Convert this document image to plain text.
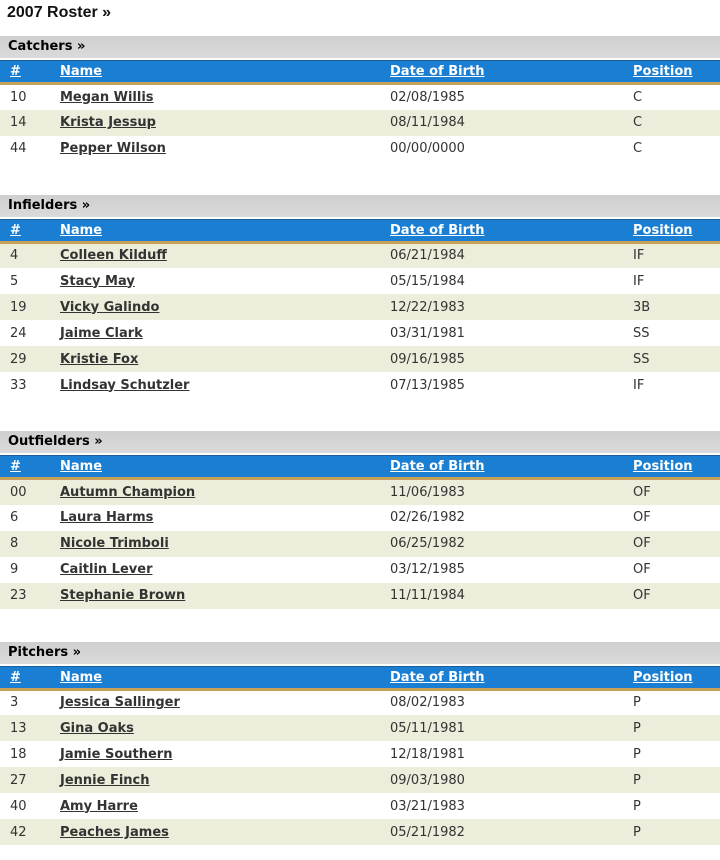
2007 Roster »
Catchers »
#	Name	Date of Birth	Position
10	Megan Willis	02/08/1985	C
14	Krista Jessup	08/11/1984	C
44	Pepper Wilson	00/00/0000	C
Infielders »
#	Name	Date of Birth	Position
4	Colleen Kilduff	06/21/1984	IF
5	Stacy May	05/15/1984	IF
19	Vicky Galindo	12/22/1983	3B
24	Jaime Clark	03/31/1981	SS
29	Kristie Fox	09/16/1985	SS
33	Lindsay Schutzler	07/13/1985	IF
Outfielders »
#	Name	Date of Birth	Position
00	Autumn Champion	11/06/1983	OF
6	Laura Harms	02/26/1982	OF
8	Nicole Trimboli	06/25/1982	OF
9	Caitlin Lever	03/12/1985	OF
23	Stephanie Brown	11/11/1984	OF
Pitchers »
#	Name	Date of Birth	Position
3	Jessica Sallinger	08/02/1983	P
13	Gina Oaks	05/11/1981	P
18	Jamie Southern	12/18/1981	P
27	Jennie Finch	09/03/1980	P
40	Amy Harre	03/21/1983	P
42	Peaches James	05/21/1982	P
